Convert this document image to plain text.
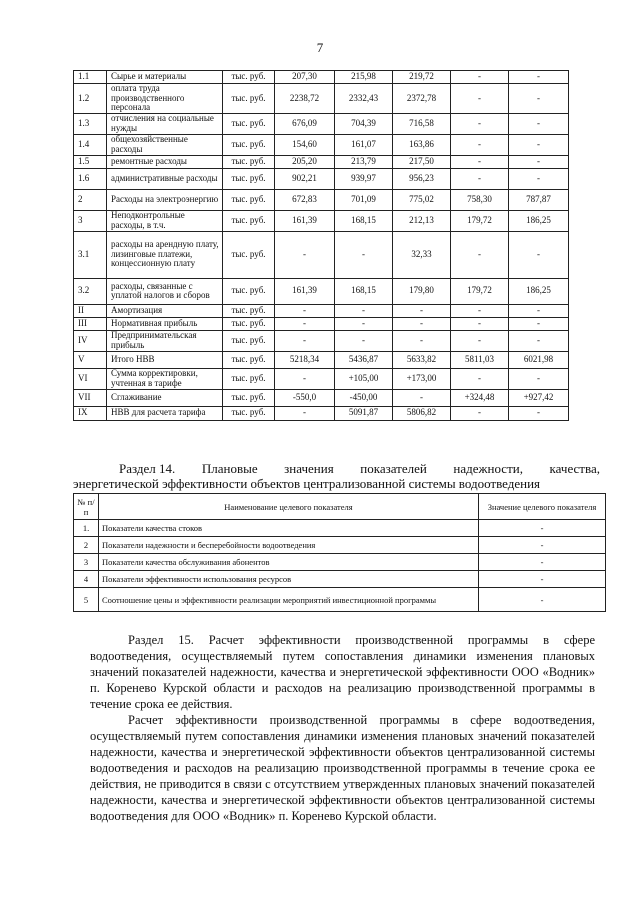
7
1.1	Сырье и материалы	тыс. руб.	207,30	215,98	219,72	-	-
1.2	оплата труда производственного персонала	тыс. руб.	2238,72	2332,43	2372,78	-	-
1.3	отчисления на социальные нужды	тыс. руб.	676,09	704,39	716,58	-	-
1.4	общехозяйственные расходы	тыс. руб.	154,60	161,07	163,86	-	-
1.5	ремонтные расходы	тыс. руб.	205,20	213,79	217,50	-	-
1.6	административные расходы	тыс. руб.	902,21	939,97	956,23	-	-
2	Расходы на электроэнергию	тыс. руб.	672,83	701,09	775,02	758,30	787,87
3	Неподконтрольные расходы, в т.ч.	тыс. руб.	161,39	168,15	212,13	179,72	186,25
3.1	расходы на арендную плату, лизинговые платежи, концессионную плату	тыс. руб.	-	-	32,33	-	-
3.2	расходы, связанные с уплатой налогов и сборов	тыс. руб.	161,39	168,15	179,80	179,72	186,25
II	Амортизация	тыс. руб.	-	-	-	-	-
III	Нормативная прибыль	тыс. руб.	-	-	-	-	-
IV	Предпринимательская прибыль	тыс. руб.	-	-	-	-	-
V	Итого НВВ	тыс. руб.	5218,34	5436,87	5633,82	5811,03	6021,98
VI	Сумма корректировки, учтенная в тарифе	тыс. руб.	-	+105,00	+173,00	-	-
VII	Сглаживание	тыс. руб.	-550,0	-450,00	-	+324,48	+927,42
IX	НВВ для расчета тарифа	тыс. руб.	-	5091,87	5806,82	-	-
Раздел 14. Плановые значения показателей надежности, качества,
энергетической эффективности объектов централизованной системы водоотведения
№ п/п	Наименование целевого показателя	Значение целевого показателя
1.	Показатели качества стоков	-
2	Показатели надежности и бесперебойности водоотведения	-
3	Показатели качества обслуживания абонентов	-
4	Показатели эффективности использования ресурсов	-
5	Соотношение цены и эффективности реализации мероприятий инвестиционной программы	-
Раздел 15. Расчет эффективности производственной программы в сфере водоотведения, осуществляемый путем сопоставления динамики изменения плановых значений показателей надежности, качества и энергетической эффективности ООО «Водник» п. Коренево Курской области и расходов на реализацию производственной программы в течение срока ее действия.
Расчет эффективности производственной программы в сфере водоотведения, осуществляемый путем сопоставления динамики изменения плановых значений показателей надежности, качества и энергетической эффективности объектов централизованной системы водоотведения и расходов на реализацию производственной программы в течение срока ее действия, не приводится в связи с отсутствием утвержденных плановых значений показателей надежности, качества и энергетической эффективности объектов централизованной системы водоотведения для ООО «Водник» п. Коренево Курской области.
